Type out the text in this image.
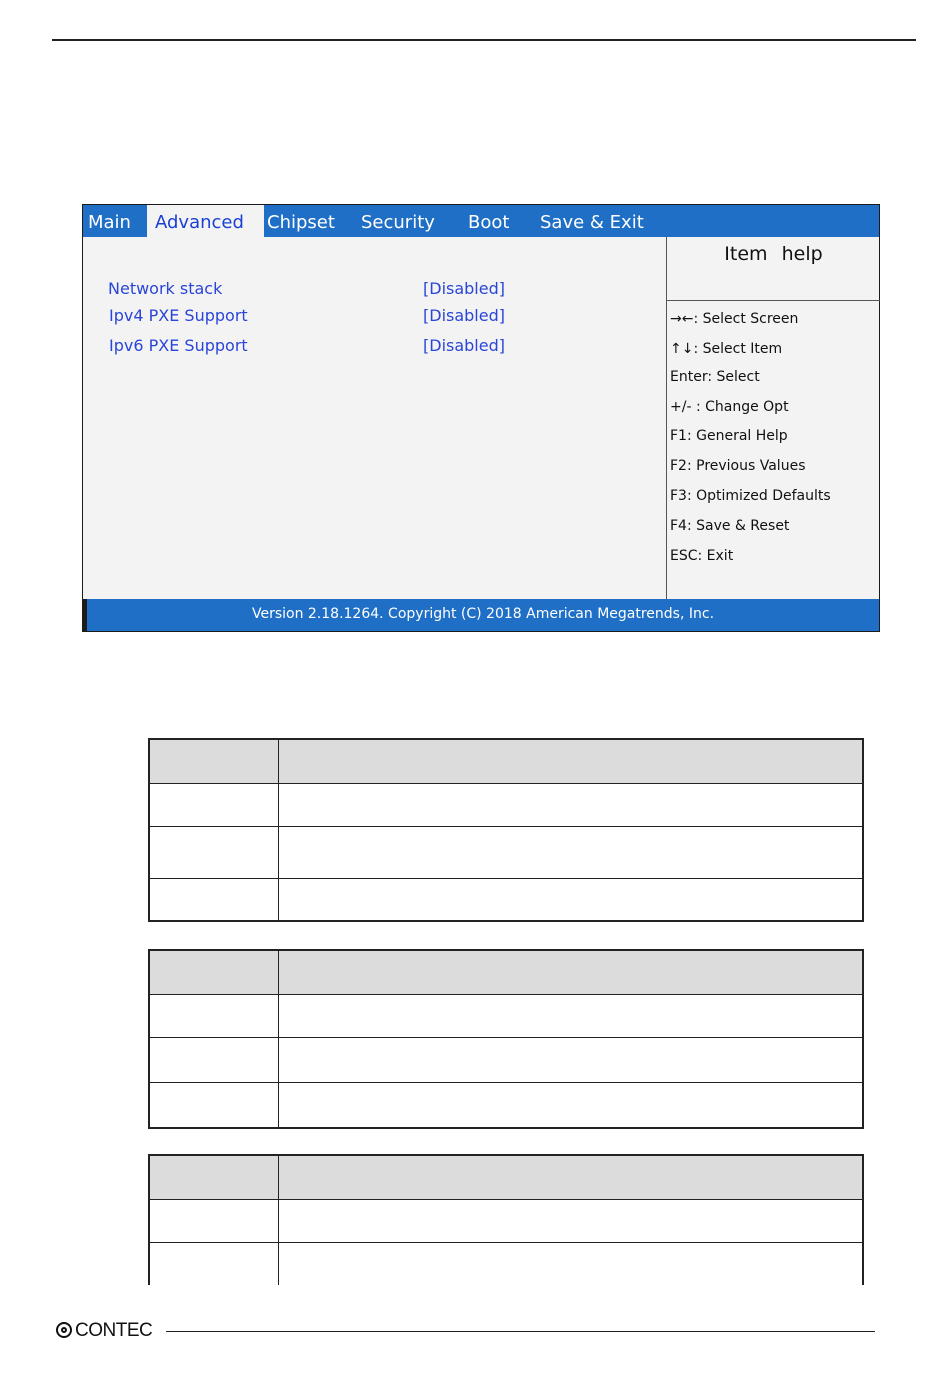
Main	Advanced	Chipset Security Boot Save & Exit
Network stack	[Disabled]
Ipv4 PXE Support	[Disabled]
Ipv6 PXE Support	[Disabled]
Item help
→←: Select Screen
↑↓: Select Item
Enter: Select
+/- : Change Opt
F1: General Help
F2: Previous Values
F3: Optimized Defaults
F4: Save & Reset
ESC: Exit
Version 2.18.1264. Copyright (C) 2018 American Megatrends, Inc.
CONTEC
